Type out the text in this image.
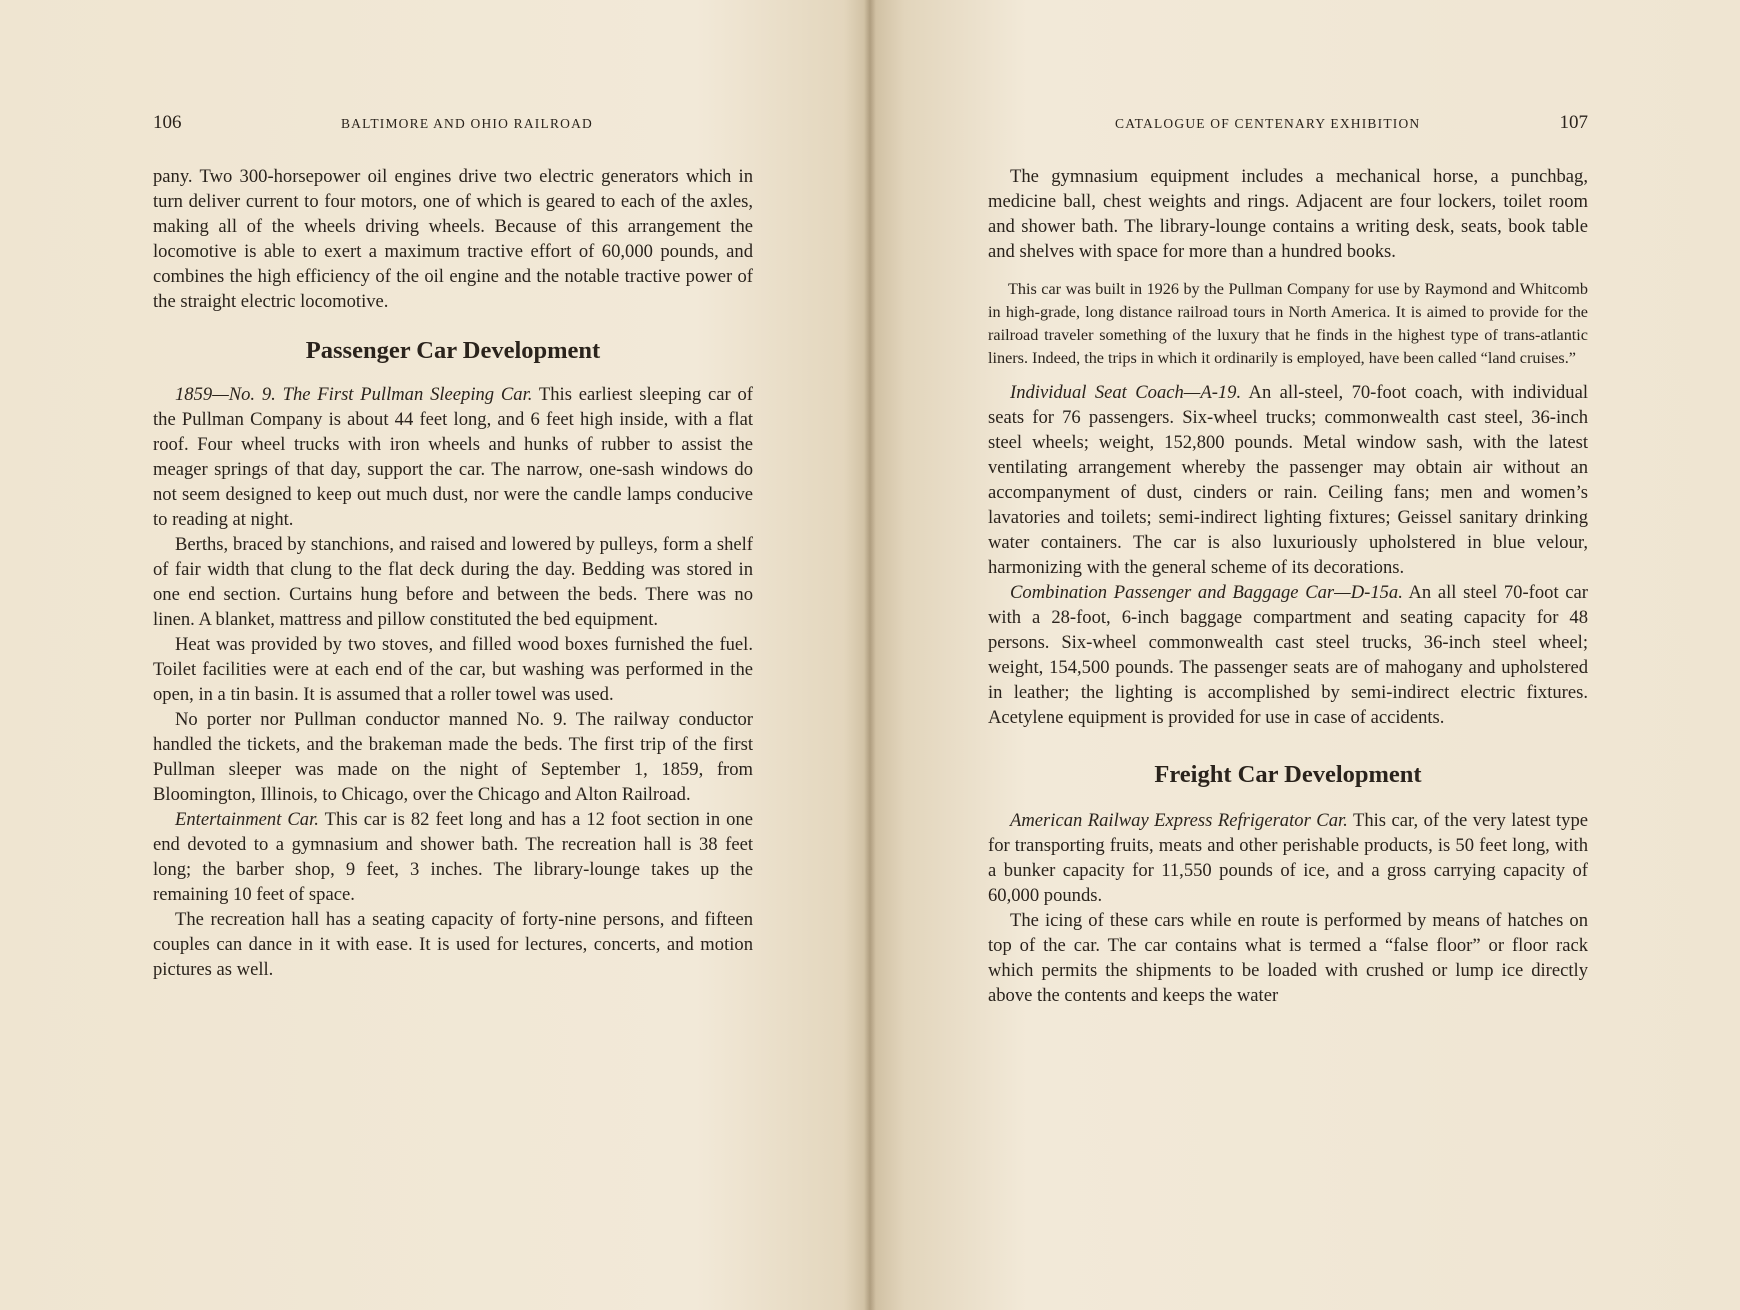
106	BALTIMORE AND OHIO RAILROAD

pany. Two 300-horsepower oil engines drive two electric generators which in turn deliver current to four motors, one of which is geared to each of the axles, making all of the wheels driving wheels. Because of this arrangement the locomotive is able to exert a maximum tractive effort of 60,000 pounds, and combines the high efficiency of the oil engine and the notable tractive power of the straight electric locomotive.

Passenger Car Development

1859—No. 9. The First Pullman Sleeping Car. This earliest sleeping car of the Pullman Company is about 44 feet long, and 6 feet high inside, with a flat roof. Four wheel trucks with iron wheels and hunks of rubber to assist the meager springs of that day, support the car. The narrow, one-sash windows do not seem designed to keep out much dust, nor were the candle lamps conducive to reading at night.

Berths, braced by stanchions, and raised and lowered by pulleys, form a shelf of fair width that clung to the flat deck during the day. Bedding was stored in one end section. Curtains hung before and between the beds. There was no linen. A blanket, mattress and pillow constituted the bed equipment.

Heat was provided by two stoves, and filled wood boxes furnished the fuel. Toilet facilities were at each end of the car, but washing was performed in the open, in a tin basin. It is assumed that a roller towel was used.

No porter nor Pullman conductor manned No. 9. The railway conductor handled the tickets, and the brakeman made the beds. The first trip of the first Pullman sleeper was made on the night of September 1, 1859, from Bloomington, Illinois, to Chicago, over the Chicago and Alton Railroad.

Entertainment Car. This car is 82 feet long and has a 12 foot section in one end devoted to a gymnasium and shower bath. The recreation hall is 38 feet long; the barber shop, 9 feet, 3 inches. The library-lounge takes up the remaining 10 feet of space.

The recreation hall has a seating capacity of forty-nine persons, and fifteen couples can dance in it with ease. It is used for lectures, concerts, and motion pictures as well.

CATALOGUE OF CENTENARY EXHIBITION	107

The gymnasium equipment includes a mechanical horse, a punchbag, medicine ball, chest weights and rings. Adjacent are four lockers, toilet room and shower bath. The library-lounge contains a writing desk, seats, book table and shelves with space for more than a hundred books.

This car was built in 1926 by the Pullman Company for use by Raymond and Whitcomb in high-grade, long distance railroad tours in North America. It is aimed to provide for the railroad traveler something of the luxury that he finds in the highest type of trans-atlantic liners. Indeed, the trips in which it ordinarily is employed, have been called “land cruises.”

Individual Seat Coach—A-19. An all-steel, 70-foot coach, with individual seats for 76 passengers. Six-wheel trucks; commonwealth cast steel, 36-inch steel wheels; weight, 152,800 pounds. Metal window sash, with the latest ventilating arrangement whereby the passenger may obtain air without an accompanyment of dust, cinders or rain. Ceiling fans; men and women’s lavatories and toilets; semi-indirect lighting fixtures; Geissel sanitary drinking water containers. The car is also luxuriously upholstered in blue velour, harmonizing with the general scheme of its decorations.

Combination Passenger and Baggage Car—D-15a. An all steel 70-foot car with a 28-foot, 6-inch baggage compartment and seating capacity for 48 persons. Six-wheel commonwealth cast steel trucks, 36-inch steel wheel; weight, 154,500 pounds. The passenger seats are of mahogany and upholstered in leather; the lighting is accomplished by semi-indirect electric fixtures. Acetylene equipment is provided for use in case of accidents.

Freight Car Development

American Railway Express Refrigerator Car. This car, of the very latest type for transporting fruits, meats and other perishable products, is 50 feet long, with a bunker capacity for 11,550 pounds of ice, and a gross carrying capacity of 60,000 pounds.

The icing of these cars while en route is performed by means of hatches on top of the car. The car contains what is termed a “false floor” or floor rack which permits the shipments to be loaded with crushed or lump ice directly above the contents and keeps the water
